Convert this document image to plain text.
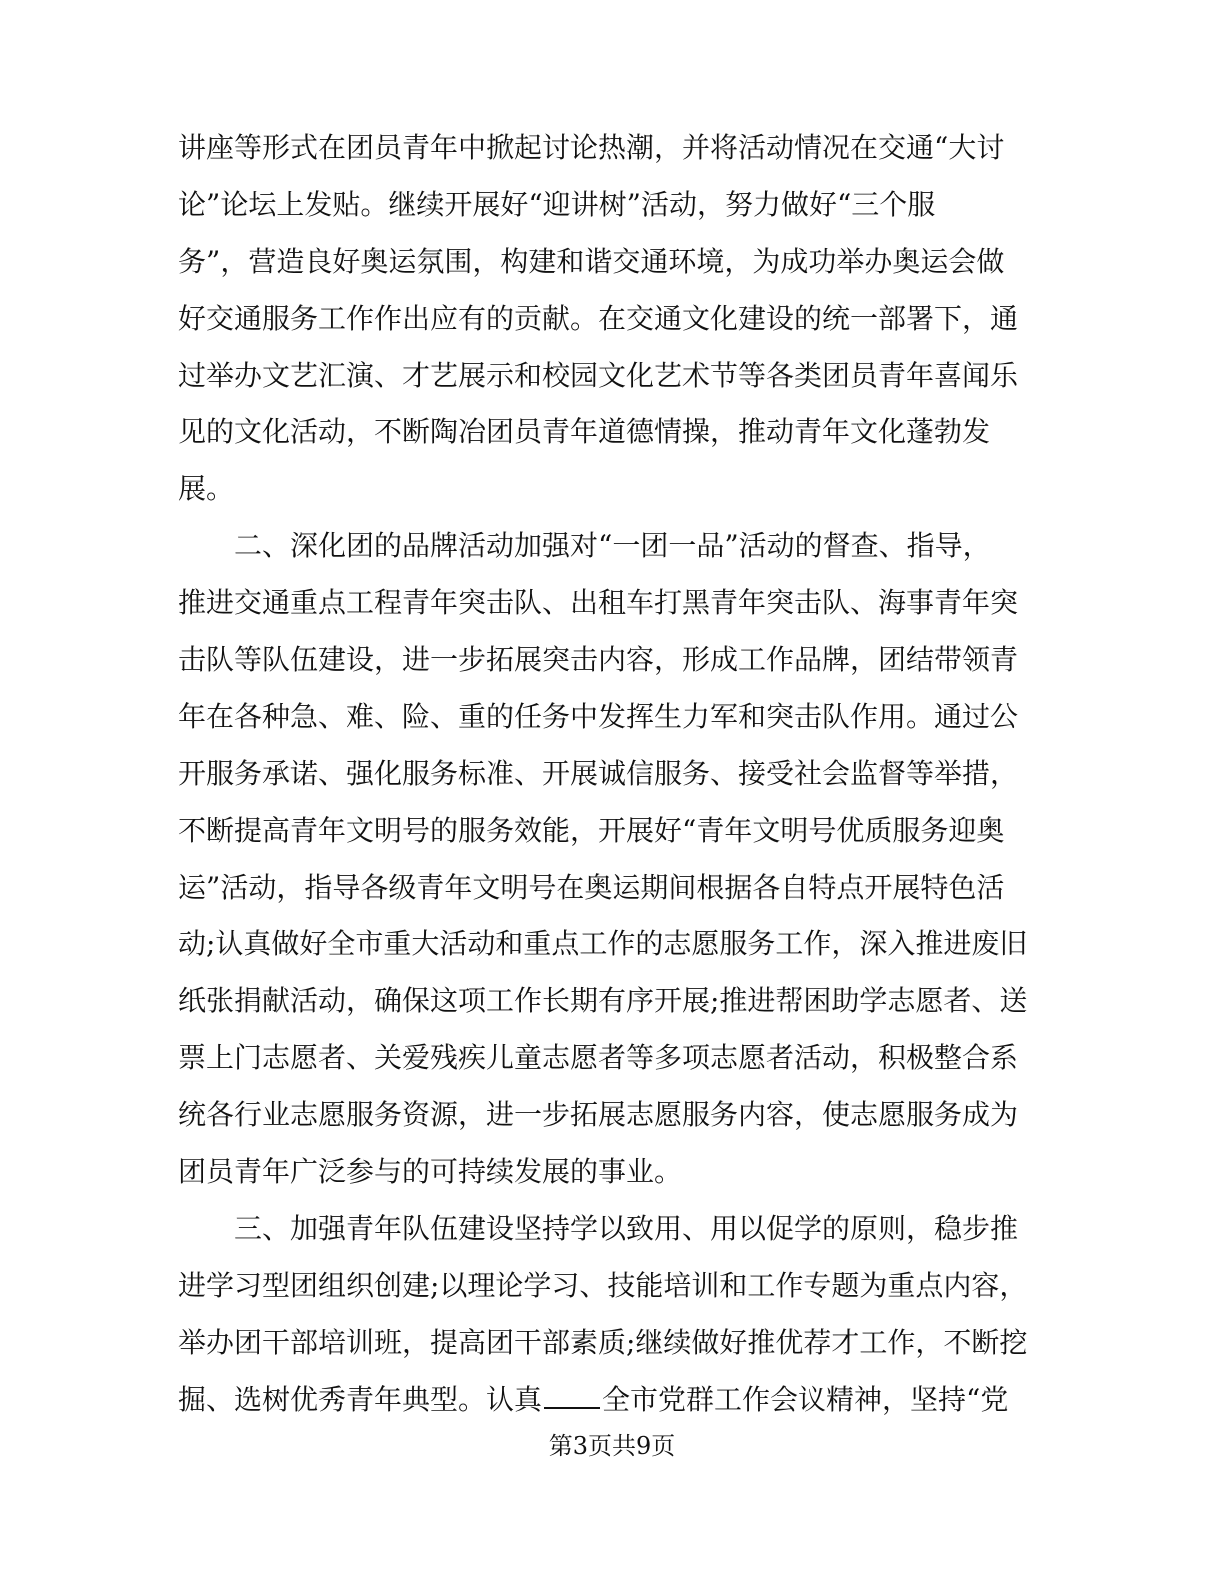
讲座等形式在团员青年中掀起讨论热潮，并将活动情况在交通“大讨
论”论坛上发贴。继续开展好“迎讲树”活动，努力做好“三个服
务”，营造良好奥运氛围，构建和谐交通环境，为成功举办奥运会做
好交通服务工作作出应有的贡献。在交通文化建设的统一部署下，通
过举办文艺汇演、才艺展示和校园文化艺术节等各类团员青年喜闻乐
见的文化活动，不断陶冶团员青年道德情操，推动青年文化蓬勃发
展。
　　二、深化团的品牌活动加强对“一团一品”活动的督查、指导，
推进交通重点工程青年突击队、出租车打黑青年突击队、海事青年突
击队等队伍建设，进一步拓展突击内容，形成工作品牌，团结带领青
年在各种急、难、险、重的任务中发挥生力军和突击队作用。通过公
开服务承诺、强化服务标准、开展诚信服务、接受社会监督等举措，
不断提高青年文明号的服务效能，开展好“青年文明号优质服务迎奥
运”活动，指导各级青年文明号在奥运期间根据各自特点开展特色活
动;认真做好全市重大活动和重点工作的志愿服务工作，深入推进废旧
纸张捐献活动，确保这项工作长期有序开展;推进帮困助学志愿者、送
票上门志愿者、关爱残疾儿童志愿者等多项志愿者活动，积极整合系
统各行业志愿服务资源，进一步拓展志愿服务内容，使志愿服务成为
团员青年广泛参与的可持续发展的事业。
　　三、加强青年队伍建设坚持学以致用、用以促学的原则，稳步推
进学习型团组织创建;以理论学习、技能培训和工作专题为重点内容，
举办团干部培训班，提高团干部素质;继续做好推优荐才工作，不断挖
掘、选树优秀青年典型。认真 全市党群工作会议精神，坚持“党
第3页共9页
